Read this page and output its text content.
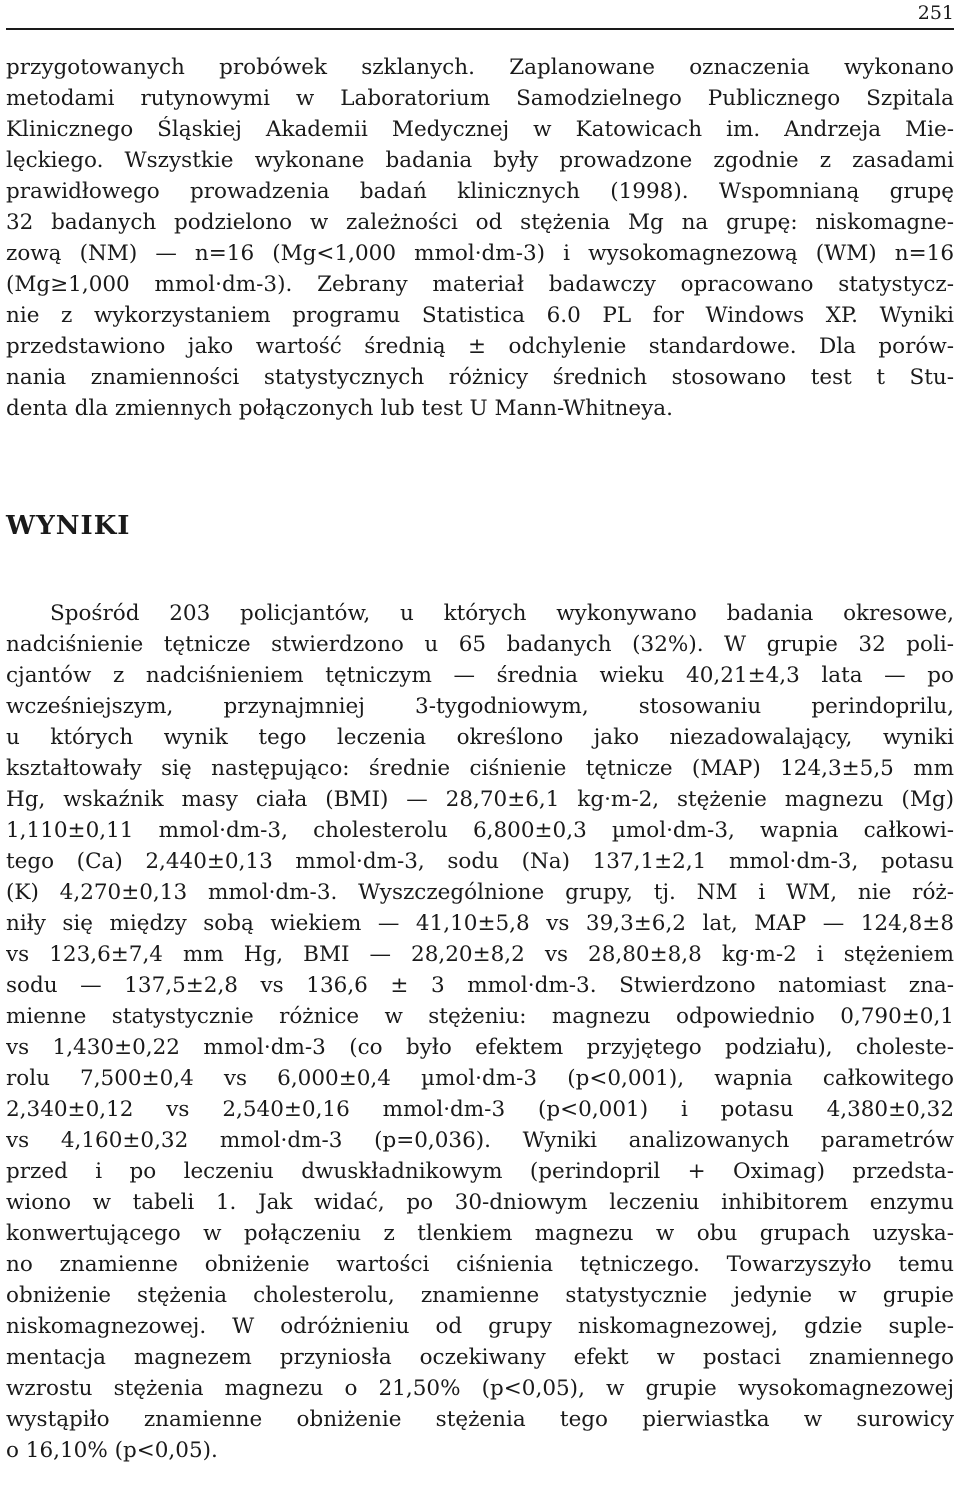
251
przygotowanych probówek szklanych. Zaplanowane oznaczenia wykonano
metodami rutynowymi w Laboratorium Samodzielnego Publicznego Szpitala
Klinicznego Śląskiej Akademii Medycznej w Katowicach im. Andrzeja Mie-
lęckiego. Wszystkie wykonane badania były prowadzone zgodnie z zasadami
prawidłowego prowadzenia badań klinicznych (1998). Wspomnianą grupę
32 badanych podzielono w zależności od stężenia Mg na grupę: niskomagne-
zową (NM) — n=16 (Mg<1,000 mmol·dm-3) i wysokomagnezową (WM) n=16
(Mg≥1,000 mmol·dm-3). Zebrany materiał badawczy opracowano statystycz-
nie z wykorzystaniem programu Statistica 6.0 PL for Windows XP. Wyniki
przedstawiono jako wartość średnią ± odchylenie standardowe. Dla porów-
nania znamienności statystycznych różnicy średnich stosowano test t Stu-
denta dla zmiennych połączonych lub test U Mann-Whitneya.
WYNIKI
Spośród 203 policjantów, u których wykonywano badania okresowe,
nadciśnienie tętnicze stwierdzono u 65 badanych (32%). W grupie 32 poli-
cjantów z nadciśnieniem tętniczym — średnia wieku 40,21±4,3 lata — po
wcześniejszym, przynajmniej 3-tygodniowym, stosowaniu perindoprilu,
u których wynik tego leczenia określono jako niezadowalający, wyniki
kształtowały się następująco: średnie ciśnienie tętnicze (MAP) 124,3±5,5 mm
Hg, wskaźnik masy ciała (BMI) — 28,70±6,1 kg·m-2, stężenie magnezu (Mg)
1,110±0,11 mmol·dm-3, cholesterolu 6,800±0,3 µmol·dm-3, wapnia całkowi-
tego (Ca) 2,440±0,13 mmol·dm-3, sodu (Na) 137,1±2,1 mmol·dm-3, potasu
(K) 4,270±0,13 mmol·dm-3. Wyszczególnione grupy, tj. NM i WM, nie róż-
niły się między sobą wiekiem — 41,10±5,8 vs 39,3±6,2 lat, MAP — 124,8±8
vs 123,6±7,4 mm Hg, BMI — 28,20±8,2 vs 28,80±8,8 kg·m-2 i stężeniem
sodu — 137,5±2,8 vs 136,6 ± 3 mmol·dm-3. Stwierdzono natomiast zna-
mienne statystycznie różnice w stężeniu: magnezu odpowiednio 0,790±0,1
vs 1,430±0,22 mmol·dm-3 (co było efektem przyjętego podziału), choleste-
rolu 7,500±0,4 vs 6,000±0,4 µmol·dm-3 (p<0,001), wapnia całkowitego
2,340±0,12 vs 2,540±0,16 mmol·dm-3 (p<0,001) i potasu 4,380±0,32
vs 4,160±0,32 mmol·dm-3 (p=0,036). Wyniki analizowanych parametrów
przed i po leczeniu dwuskładnikowym (perindopril + Oximag) przedsta-
wiono w tabeli 1. Jak widać, po 30-dniowym leczeniu inhibitorem enzymu
konwertującego w połączeniu z tlenkiem magnezu w obu grupach uzyska-
no znamienne obniżenie wartości ciśnienia tętniczego. Towarzyszyło temu
obniżenie stężenia cholesterolu, znamienne statystycznie jedynie w grupie
niskomagnezowej. W odróżnieniu od grupy niskomagnezowej, gdzie suple-
mentacja magnezem przyniosła oczekiwany efekt w postaci znamiennego
wzrostu stężenia magnezu o 21,50% (p<0,05), w grupie wysokomagnezowej
wystąpiło znamienne obniżenie stężenia tego pierwiastka w surowicy
o 16,10% (p<0,05).
